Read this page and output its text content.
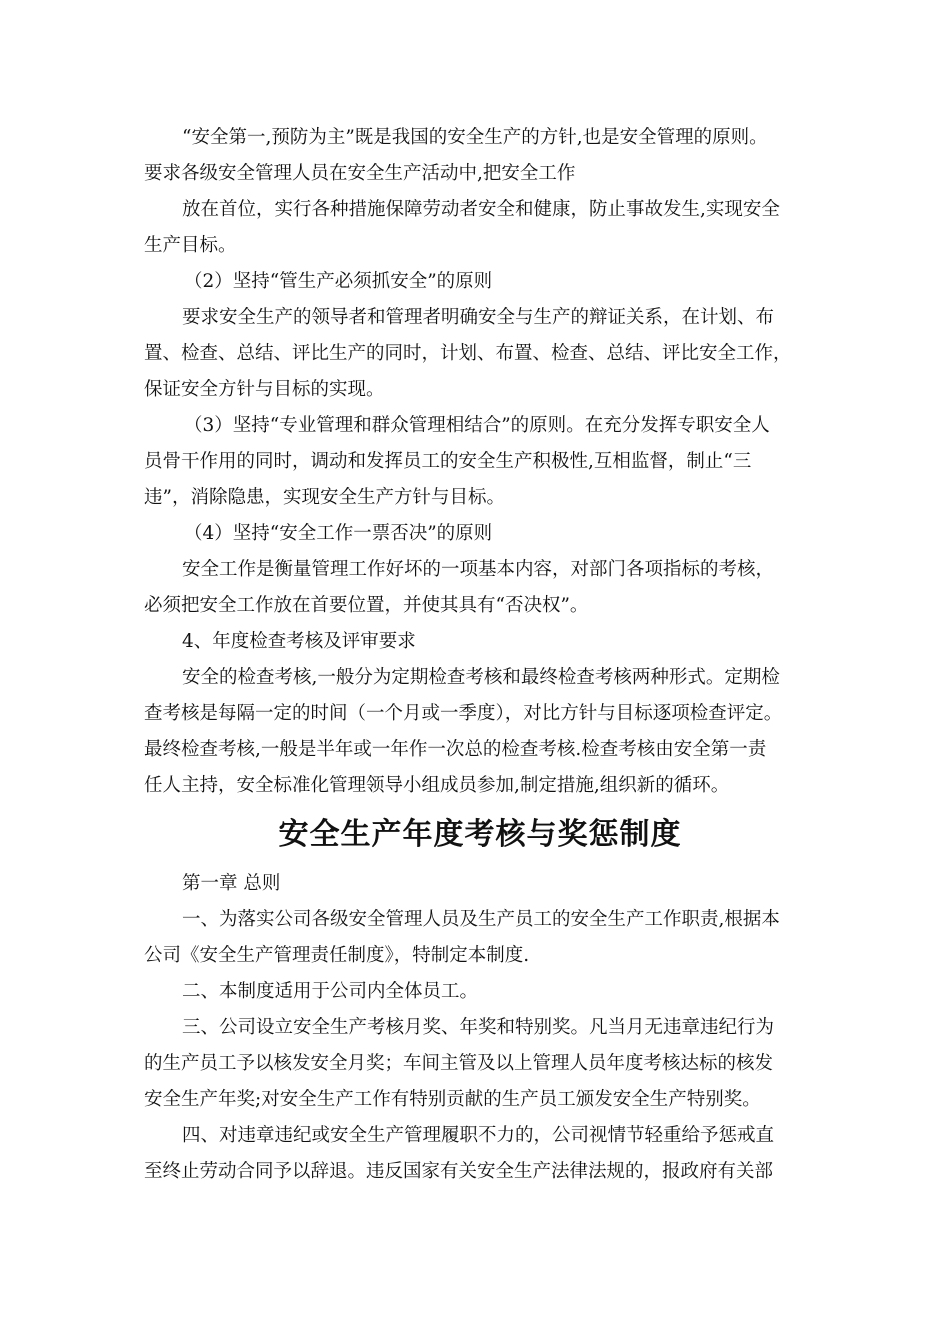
“安全第一,预防为主”既是我国的安全生产的方针,也是安全管理的原则。
要求各级安全管理人员在安全生产活动中,把安全工作
放在首位，实行各种措施保障劳动者安全和健康，防止事故发生,实现安全
生产目标。
（2）坚持“管生产必须抓安全”的原则
要求安全生产的领导者和管理者明确安全与生产的辩证关系，在计划、布
置、检查、总结、评比生产的同时，计划、布置、检查、总结、评比安全工作，
保证安全方针与目标的实现。
（3）坚持“专业管理和群众管理相结合”的原则。在充分发挥专职安全人
员骨干作用的同时，调动和发挥员工的安全生产积极性,互相监督，制止“三
违”，消除隐患，实现安全生产方针与目标。
（4）坚持“安全工作一票否决”的原则
安全工作是衡量管理工作好坏的一项基本内容，对部门各项指标的考核，
必须把安全工作放在首要位置，并使其具有“否决权”。
4、年度检查考核及评审要求
安全的检查考核,一般分为定期检查考核和最终检查考核两种形式。定期检
查考核是每隔一定的时间（一个月或一季度），对比方针与目标逐项检查评定。
最终检查考核,一般是半年或一年作一次总的检查考核.检查考核由安全第一责
任人主持，安全标准化管理领导小组成员参加,制定措施,组织新的循环。
安全生产年度考核与奖惩制度
第一章 总则
一、为落实公司各级安全管理人员及生产员工的安全生产工作职责,根据本
公司《安全生产管理责任制度》，特制定本制度.
二、本制度适用于公司内全体员工。
三、公司设立安全生产考核月奖、年奖和特别奖。凡当月无违章违纪行为
的生产员工予以核发安全月奖；车间主管及以上管理人员年度考核达标的核发
安全生产年奖;对安全生产工作有特别贡献的生产员工颁发安全生产特别奖。
四、对违章违纪或安全生产管理履职不力的，公司视情节轻重给予惩戒直
至终止劳动合同予以辞退。违反国家有关安全生产法律法规的，报政府有关部
